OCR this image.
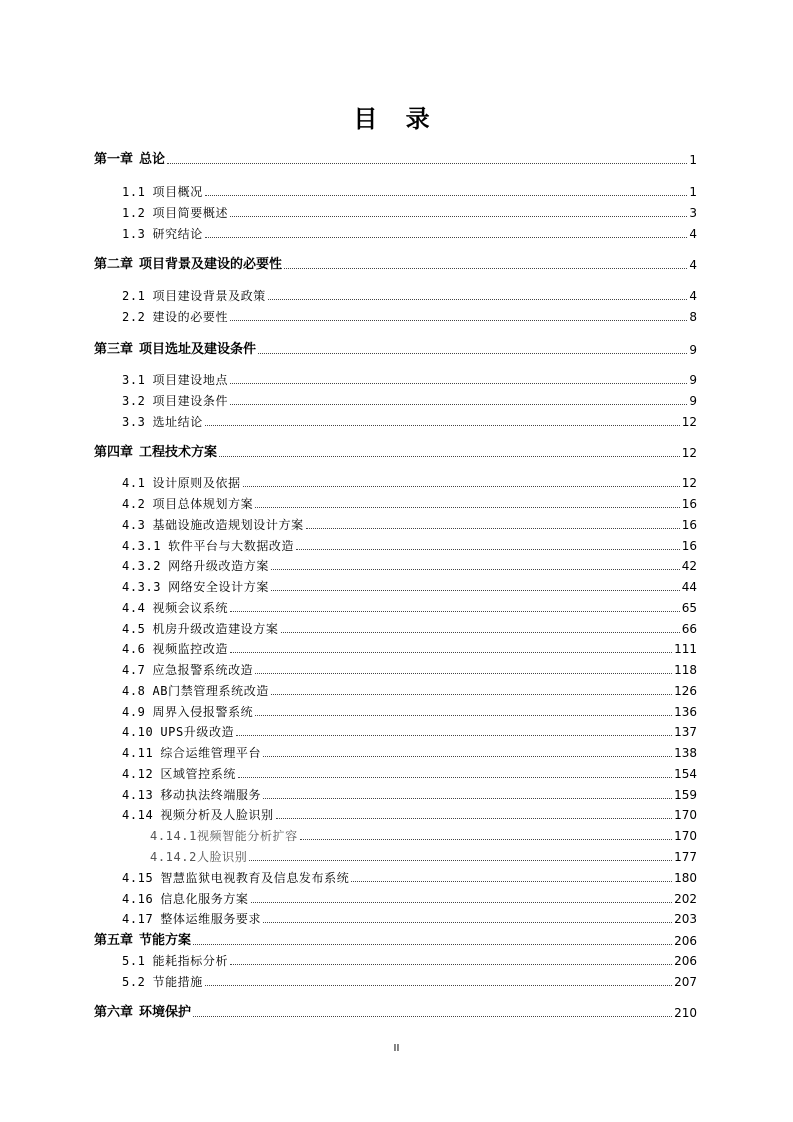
目 录
第一章 总论	1
1.1 项目概况	1
1.2 项目简要概述	3
1.3 研究结论	4
第二章 项目背景及建设的必要性	4
2.1 项目建设背景及政策	4
2.2 建设的必要性	8
第三章 项目选址及建设条件	9
3.1 项目建设地点	9
3.2 项目建设条件	9
3.3 选址结论	12
第四章 工程技术方案	12
4.1 设计原则及依据	12
4.2 项目总体规划方案	16
4.3 基础设施改造规划设计方案	16
4.3.1 软件平台与大数据改造	16
4.3.2 网络升级改造方案	42
4.3.3 网络安全设计方案	44
4.4 视频会议系统	65
4.5 机房升级改造建设方案	66
4.6 视频监控改造	111
4.7 应急报警系统改造	118
4.8 AB门禁管理系统改造	126
4.9 周界入侵报警系统	136
4.10 UPS升级改造	137
4.11 综合运维管理平台	138
4.12 区域管控系统	154
4.13 移动执法终端服务	159
4.14 视频分析及人脸识别	170
4.14.1视频智能分析扩容	170
4.14.2人脸识别	177
4.15 智慧监狱电视教育及信息发布系统	180
4.16 信息化服务方案	202
4.17 整体运维服务要求	203
第五章 节能方案	206
5.1 能耗指标分析	206
5.2 节能措施	207
第六章 环境保护	210
II
